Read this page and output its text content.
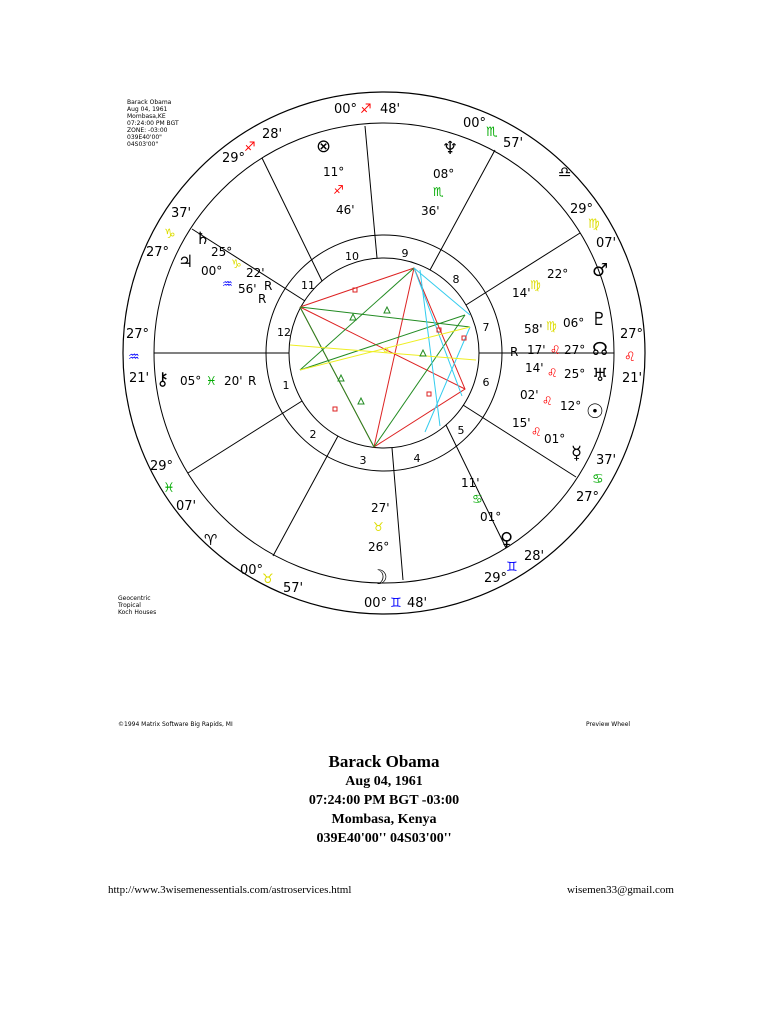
Barack Obama
Aug 04, 1961
Mombasa,KE
07:24:00 PM BGT
ZONE: -03:00
039E40'00"
04S03'00"
Geocentric
Tropical
Koch Houses
©1994 Matrix Software Big Rapids, MI	Preview Wheel
1
2
3	4
5
6
7
8
9
10
11
12
00° ♐ 48'
00° ♊ 48'
00°
♏
57'
00°
♉
57'
29°
♐
28'
29°
♊
28'
29°
♍
07'
29°
♓
07'
37'
♑
27°
37'
♋
27°
27°
♒
21'
27°
♌
21'
♎
♈
⊗
11°
♐
46'
♆
08°
♏
36'
♄
25°
♑
22'
R
♃ 00°
♒ 56'
R
⚷ 05° ♓ 20' R
♂
22°
♍
14'
♇
06°
♍
58'
☊
27°
♌
17'
R
♅
25°
♌
14'
☉
12°
♌
02'
☿
01°
♌
15'
♀
01°
♋
11'
☽
27'
♉
26°
Barack Obama
Aug 04, 1961
07:24:00 PM BGT -03:00
Mombasa, Kenya
039E40'00'' 04S03'00''
http://www.3wisemenessentials.com/astroservices.html	wisemen33@gmail.com
